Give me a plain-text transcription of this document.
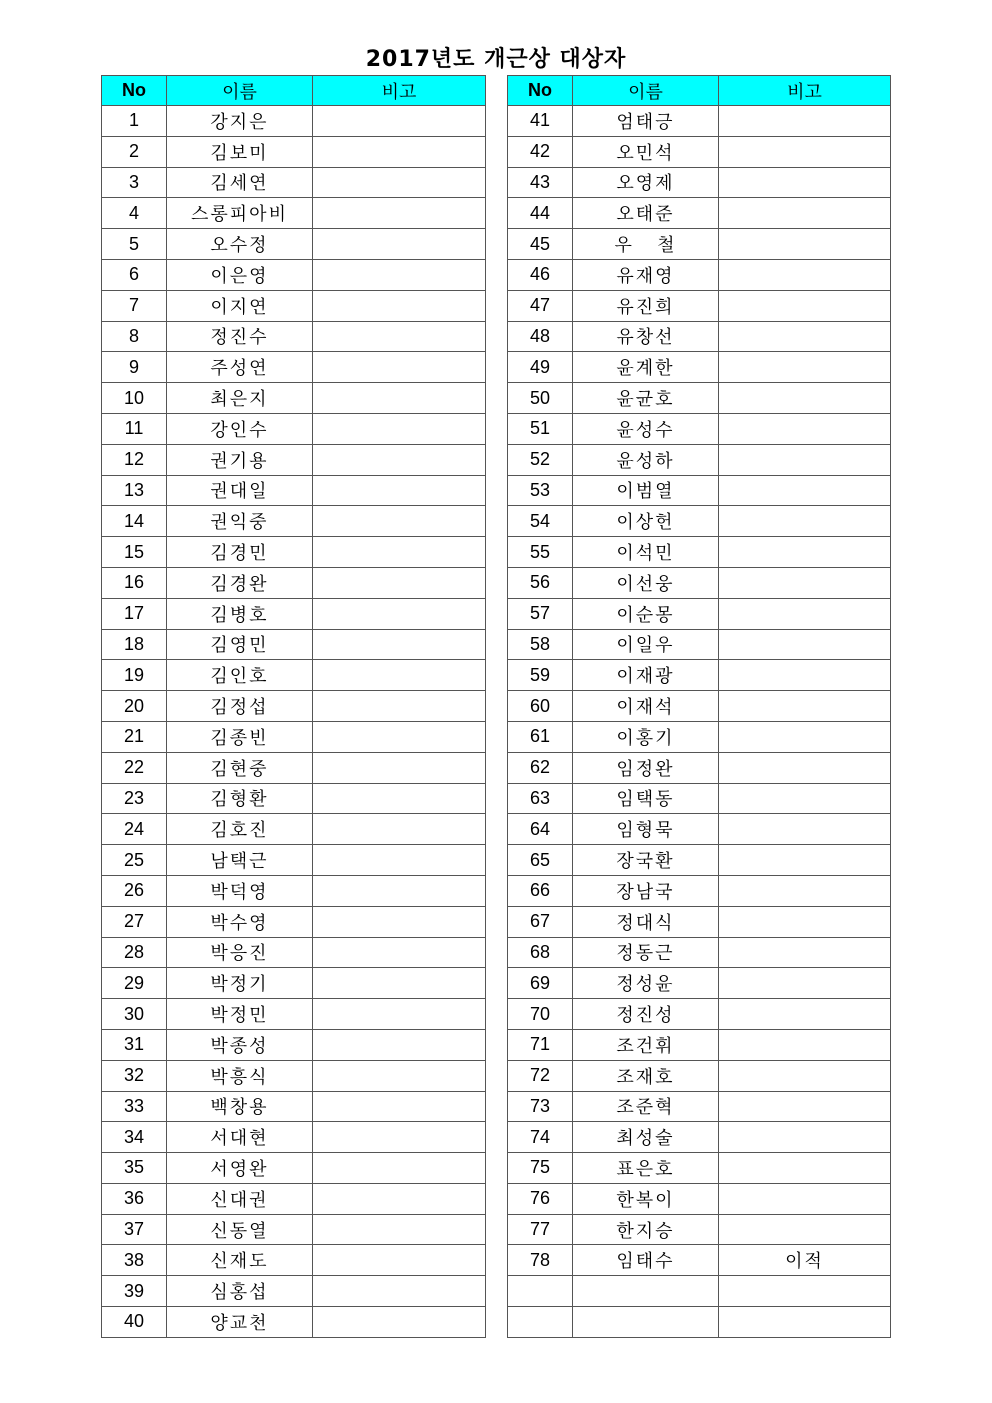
2017년도 개근상 대상자
No	이름	비고
1	강지은	
2	김보미	
3	김세연	
4	스롱피아비	
5	오수정	
6	이은영	
7	이지연	
8	정진수	
9	주성연	
10	최은지	
11	강인수	
12	권기용	
13	권대일	
14	권익중	
15	김경민	
16	김경완	
17	김병호	
18	김영민	
19	김인호	
20	김정섭	
21	김종빈	
22	김현중	
23	김형환	
24	김호진	
25	남택근	
26	박덕영	
27	박수영	
28	박응진	
29	박정기	
30	박정민	
31	박종성	
32	박흥식	
33	백창용	
34	서대현	
35	서영완	
36	신대권	
37	신동열	
38	신재도	
39	심홍섭	
40	양교천	
No	이름	비고
41	엄태긍	
42	오민석	
43	오영제	
44	오태준	
45	우   철	
46	유재영	
47	유진희	
48	유창선	
49	윤계한	
50	윤균호	
51	윤성수	
52	윤성하	
53	이범열	
54	이상헌	
55	이석민	
56	이선웅	
57	이순몽	
58	이일우	
59	이재광	
60	이재석	
61	이홍기	
62	임정완	
63	임택동	
64	임형묵	
65	장국환	
66	장남국	
67	정대식	
68	정동근	
69	정성윤	
70	정진성	
71	조건휘	
72	조재호	
73	조준혁	
74	최성술	
75	표은호	
76	한복이	
77	한지승	
78	임태수	이적
